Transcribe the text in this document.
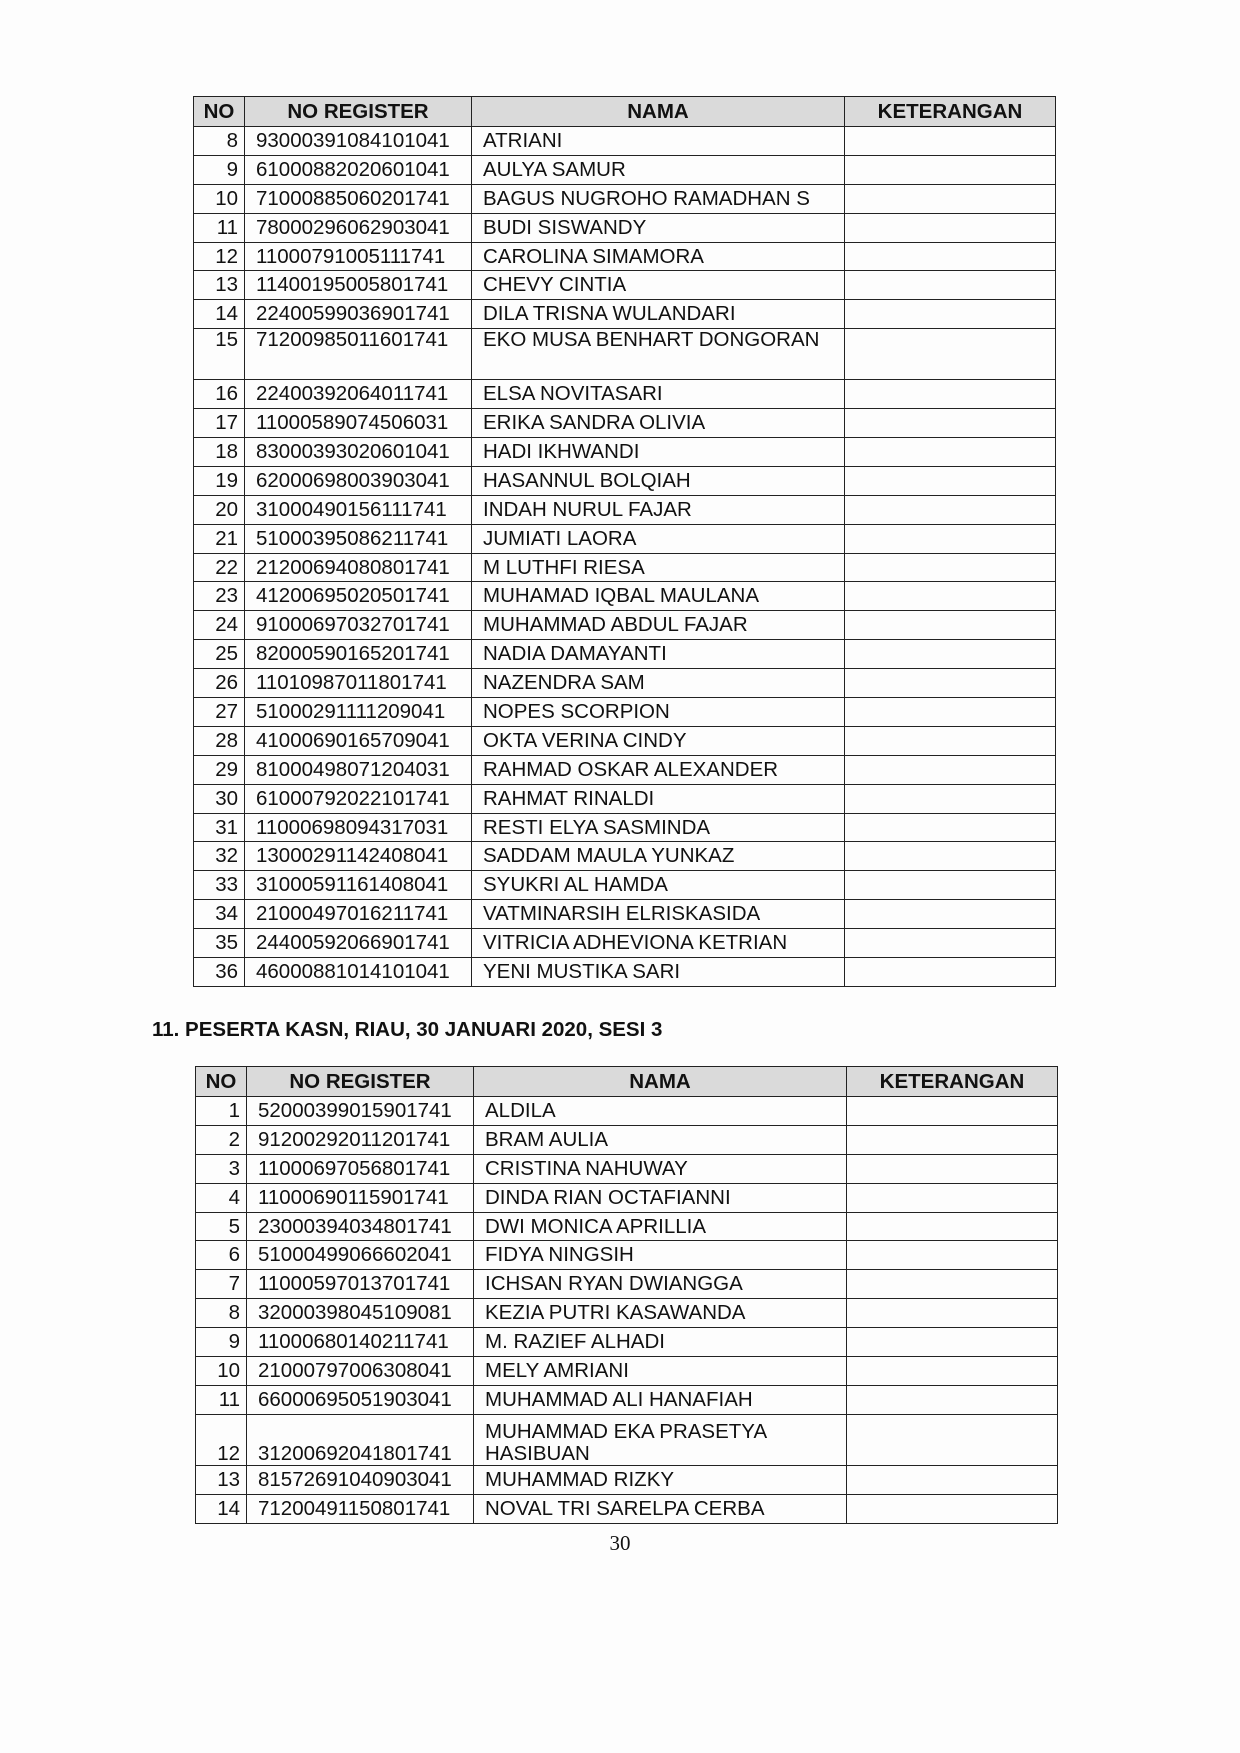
NO	NO REGISTER	NAMA	KETERANGAN
8	93000391084101041	ATRIANI	
9	61000882020601041	AULYA SAMUR	
10	71000885060201741	BAGUS NUGROHO RAMADHAN S	
11	78000296062903041	BUDI SISWANDY	
12	11000791005111741	CAROLINA SIMAMORA	
13	11400195005801741	CHEVY CINTIA	
14	22400599036901741	DILA TRISNA WULANDARI	
15	71200985011601741	EKO MUSA BENHART DONGORAN	
16	22400392064011741	ELSA NOVITASARI	
17	11000589074506031	ERIKA SANDRA OLIVIA	
18	83000393020601041	HADI IKHWANDI	
19	62000698003903041	HASANNUL BOLQIAH	
20	31000490156111741	INDAH NURUL FAJAR	
21	51000395086211741	JUMIATI LAORA	
22	21200694080801741	M LUTHFI RIESA	
23	41200695020501741	MUHAMAD IQBAL MAULANA	
24	91000697032701741	MUHAMMAD ABDUL FAJAR	
25	82000590165201741	NADIA DAMAYANTI	
26	11010987011801741	NAZENDRA SAM	
27	51000291111209041	NOPES SCORPION	
28	41000690165709041	OKTA VERINA CINDY	
29	81000498071204031	RAHMAD OSKAR ALEXANDER	
30	61000792022101741	RAHMAT RINALDI	
31	11000698094317031	RESTI ELYA SASMINDA	
32	13000291142408041	SADDAM MAULA YUNKAZ	
33	31000591161408041	SYUKRI AL HAMDA	
34	21000497016211741	VATMINARSIH ELRISKASIDA	
35	24400592066901741	VITRICIA ADHEVIONA KETRIAN	
36	46000881014101041	YENI MUSTIKA SARI	
11. PESERTA KASN, RIAU, 30 JANUARI 2020, SESI 3
NO	NO REGISTER	NAMA	KETERANGAN
1	52000399015901741	ALDILA	
2	91200292011201741	BRAM AULIA	
3	11000697056801741	CRISTINA NAHUWAY	
4	11000690115901741	DINDA RIAN OCTAFIANNI	
5	23000394034801741	DWI MONICA APRILLIA	
6	51000499066602041	FIDYA NINGSIH	
7	11000597013701741	ICHSAN RYAN DWIANGGA	
8	32000398045109081	KEZIA PUTRI KASAWANDA	
9	11000680140211741	M. RAZIEF ALHADI	
10	21000797006308041	MELY AMRIANI	
11	66000695051903041	MUHAMMAD ALI HANAFIAH	
12	31200692041801741	MUHAMMAD EKA PRASETYA HASIBUAN	
13	81572691040903041	MUHAMMAD RIZKY	
14	71200491150801741	NOVAL TRI SARELPA CERBA	
30
